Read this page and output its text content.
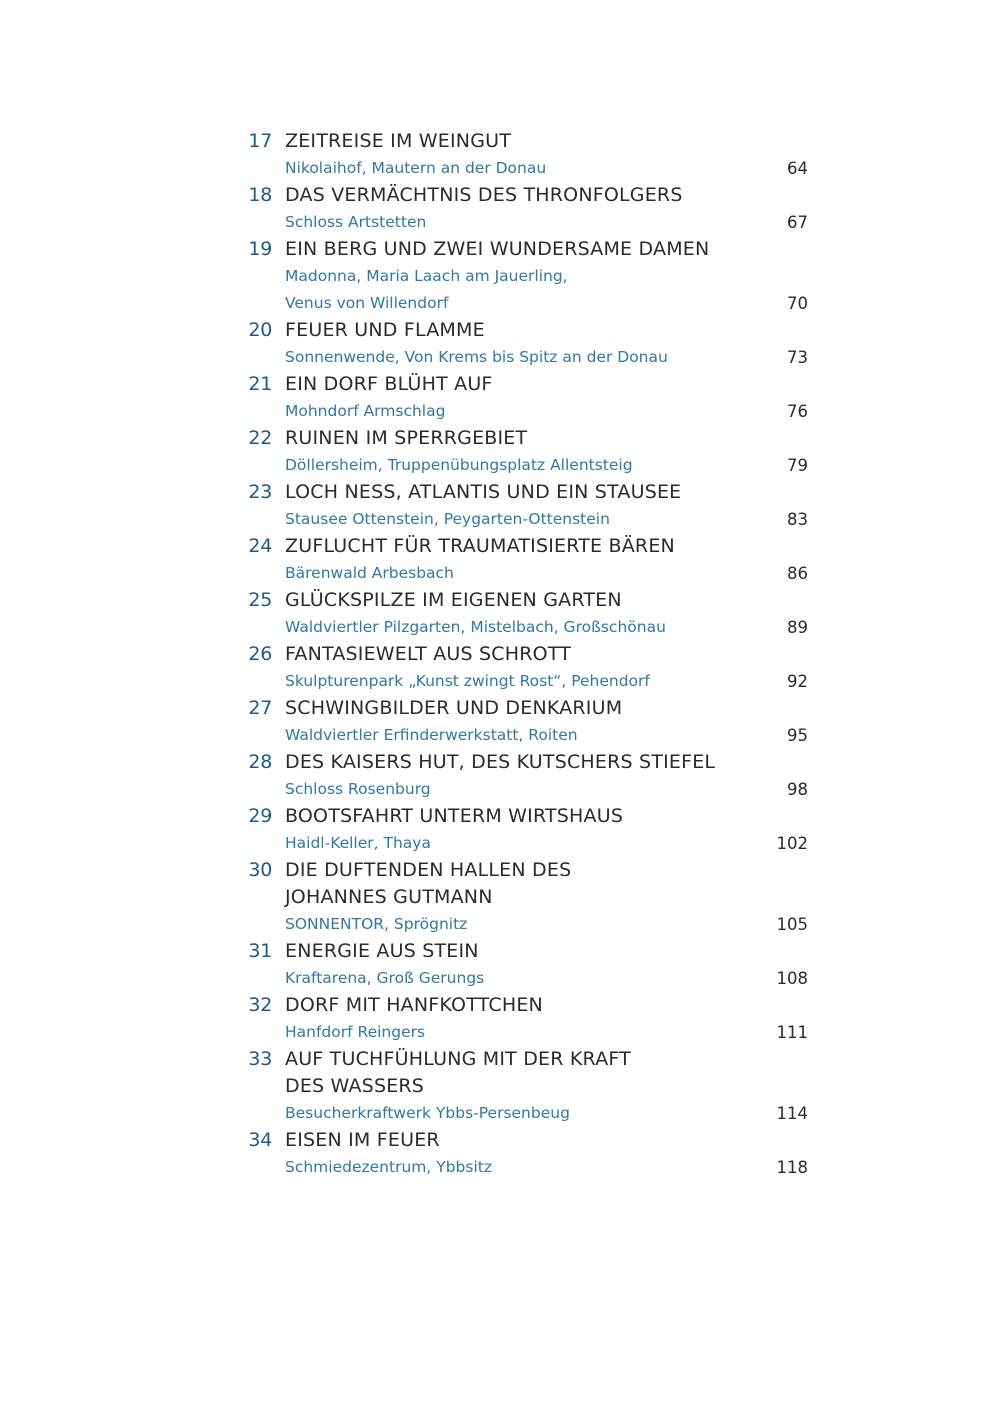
17 ZEITREISE IM WEINGUT
Nikolaihof, Mautern an der Donau	64
18 DAS VERMÄCHTNIS DES THRONFOLGERS
Schloss Artstetten	67
19 EIN BERG UND ZWEI WUNDERSAME DAMEN
Madonna, Maria Laach am Jauerling,
Venus von Willendorf	70
20 FEUER UND FLAMME
Sonnenwende, Von Krems bis Spitz an der Donau	73
21 EIN DORF BLÜHT AUF
Mohndorf Armschlag	76
22 RUINEN IM SPERRGEBIET
Döllersheim, Truppenübungsplatz Allentsteig	79
23 LOCH NESS, ATLANTIS UND EIN STAUSEE
Stausee Ottenstein, Peygarten-Ottenstein	83
24 ZUFLUCHT FÜR TRAUMATISIERTE BÄREN
Bärenwald Arbesbach	86
25 GLÜCKSPILZE IM EIGENEN GARTEN
Waldviertler Pilzgarten, Mistelbach, Großschönau	89
26 FANTASIEWELT AUS SCHROTT
Skulpturenpark „Kunst zwingt Rost“, Pehendorf	92
27 SCHWINGBILDER UND DENKARIUM
Waldviertler Erfinderwerkstatt, Roiten	95
28 DES KAISERS HUT, DES KUTSCHERS STIEFEL
Schloss Rosenburg	98
29 BOOTSFAHRT UNTERM WIRTSHAUS
Haidl-Keller, Thaya	102
30 DIE DUFTENDEN HALLEN DES
JOHANNES GUTMANN
SONNENTOR, Sprögnitz	105
31 ENERGIE AUS STEIN
Kraftarena, Groß Gerungs	108
32 DORF MIT HANFKOTTCHEN
Hanfdorf Reingers	111
33 AUF TUCHFÜHLUNG MIT DER KRAFT
DES WASSERS
Besucherkraftwerk Ybbs-Persenbeug	114
34 EISEN IM FEUER
Schmiedezentrum, Ybbsitz	118
